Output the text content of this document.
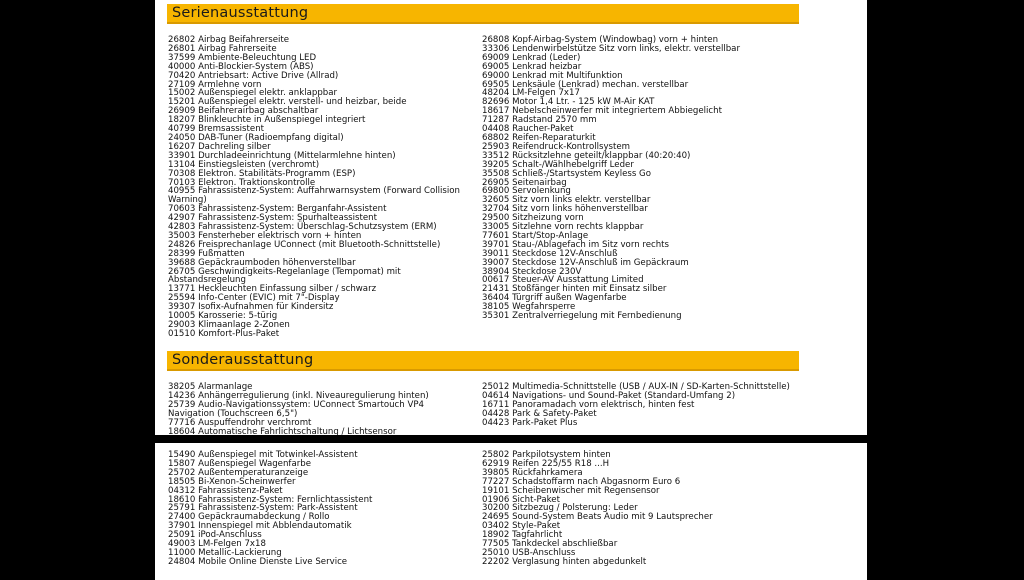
Serienausstattung
26802 Airbag Beifahrerseite
26801 Airbag Fahrerseite
37599 Ambiente-Beleuchtung LED
40000 Anti-Blockier-System (ABS)
70420 Antriebsart: Active Drive (Allrad)
27109 Armlehne vorn
15002 Außenspiegel elektr. anklappbar
15201 Außenspiegel elektr. verstell- und heizbar, beide
26909 Beifahrerairbag abschaltbar
18207 Blinkleuchte in Außenspiegel integriert
40799 Bremsassistent
24050 DAB-Tuner (Radioempfang digital)
16207 Dachreling silber
33901 Durchladeeinrichtung (Mittelarmlehne hinten)
13104 Einstiegsleisten (verchromt)
70308 Elektron. Stabilitäts-Programm (ESP)
70103 Elektron. Traktionskontrolle
40955 Fahrassistenz-System: Auffahrwarnsystem (Forward Collision Warning)
70603 Fahrassistenz-System: Berganfahr-Assistent
42907 Fahrassistenz-System: Spurhalteassistent
42803 Fahrassistenz-System: Überschlag-Schutzsystem (ERM)
35003 Fensterheber elektrisch vorn + hinten
24826 Freisprechanlage UConnect (mit Bluetooth-Schnittstelle)
28399 Fußmatten
39688 Gepäckraumboden höhenverstellbar
26705 Geschwindigkeits-Regelanlage (Tempomat) mit Abstandsregelung
13771 Heckleuchten Einfassung silber / schwarz
25594 Info-Center (EVIC) mit 7"-Display
39307 Isofix-Aufnahmen für Kindersitz
10005 Karosserie: 5-türig
29003 Klimaanlage 2-Zonen
01510 Komfort-Plus-Paket
26808 Kopf-Airbag-System (Windowbag) vorn + hinten
33306 Lendenwirbelstütze Sitz vorn links, elektr. verstellbar
69009 Lenkrad (Leder)
69005 Lenkrad heizbar
69000 Lenkrad mit Multifunktion
69505 Lenksäule (Lenkrad) mechan. verstellbar
48204 LM-Felgen 7x17
82696 Motor 1,4 Ltr. - 125 kW M-Air KAT
18617 Nebelscheinwerfer mit integriertem Abbiegelicht
71287 Radstand 2570 mm
04408 Raucher-Paket
68802 Reifen-Reparaturkit
25903 Reifendruck-Kontrollsystem
33512 Rücksitzlehne geteilt/klappbar (40:20:40)
39205 Schalt-/Wählhebelgriff Leder
35508 Schließ-/Startsystem Keyless Go
26905 Seitenairbag
69800 Servolenkung
32605 Sitz vorn links elektr. verstellbar
32704 Sitz vorn links höhenverstellbar
29500 Sitzheizung vorn
33005 Sitzlehne vorn rechts klappbar
77601 Start/Stop-Anlage
39701 Stau-/Ablagefach im Sitz vorn rechts
39011 Steckdose 12V-Anschluß
39007 Steckdose 12V-Anschluß im Gepäckraum
38904 Steckdose 230V
00617 Steuer-AV Ausstattung Limited
21431 Stoßfänger hinten mit Einsatz silber
36404 Türgriff außen Wagenfarbe
38105 Wegfahrsperre
35301 Zentralverriegelung mit Fernbedienung
Sonderausstattung
38205 Alarmanlage
14236 Anhängerregulierung (inkl. Niveauregulierung hinten)
25739 Audio-Navigationssystem: UConnect Smartouch VP4 Navigation (Touchscreen 6,5")
77716 Auspuffendrohr verchromt
18604 Automatische Fahrlichtschaltung / Lichtsensor
25012 Multimedia-Schnittstelle (USB / AUX-IN / SD-Karten-Schnittstelle)
04614 Navigations- und Sound-Paket (Standard-Umfang 2)
16711 Panoramadach vorn elektrisch, hinten fest
04428 Park & Safety-Paket
04423 Park-Paket Plus
15490 Außenspiegel mit Totwinkel-Assistent
15807 Außenspiegel Wagenfarbe
25702 Außentemperaturanzeige
18505 Bi-Xenon-Scheinwerfer
04312 Fahrassistenz-Paket
18610 Fahrassistenz-System: Fernlichtassistent
25791 Fahrassistenz-System: Park-Assistent
27400 Gepäckraumabdeckung / Rollo
37901 Innenspiegel mit Abblendautomatik
25091 iPod-Anschluss
49003 LM-Felgen 7x18
11000 Metallic-Lackierung
24804 Mobile Online Dienste Live Service
25802 Parkpilotsystem hinten
62919 Reifen 225/55 R18 ...H
39805 Rückfahrkamera
77227 Schadstoffarm nach Abgasnorm Euro 6
19101 Scheibenwischer mit Regensensor
01906 Sicht-Paket
30200 Sitzbezug / Polsterung: Leder
24695 Sound-System Beats Audio mit 9 Lautsprecher
03402 Style-Paket
18902 Tagfahrlicht
77505 Tankdeckel abschließbar
25010 USB-Anschluss
22202 Verglasung hinten abgedunkelt
